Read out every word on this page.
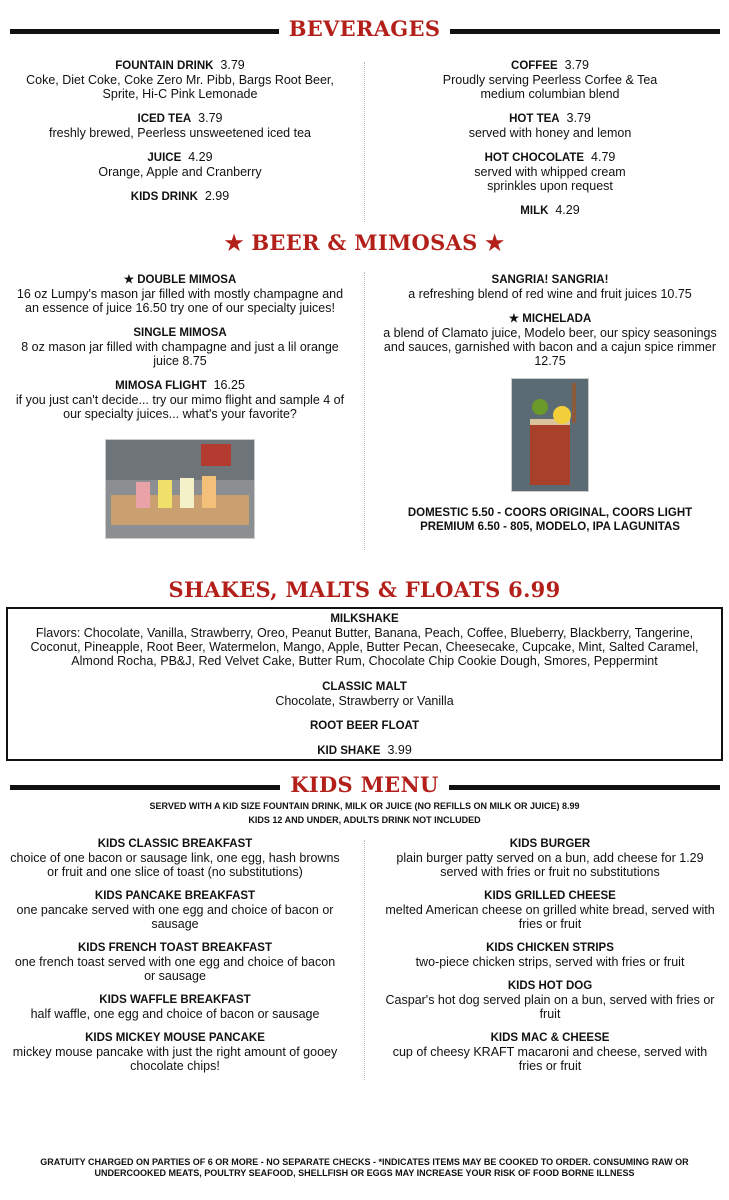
BEVERAGES
FOUNTAIN DRINK 3.79
Coke, Diet Coke, Coke Zero Mr. Pibb, Bargs Root Beer, Sprite, Hi-C Pink Lemonade
ICED TEA 3.79
freshly brewed, Peerless unsweetened iced tea
JUICE 4.29
Orange, Apple and Cranberry
KIDS DRINK 2.99
COFFEE 3.79
Proudly serving Peerless Corfee & Tea medium columbian blend
HOT TEA 3.79
served with honey and lemon
HOT CHOCOLATE 4.79
served with whipped cream sprinkles upon request
MILK 4.29
★ BEER & MIMOSAS ★
★ DOUBLE MIMOSA
16 oz Lumpy's mason jar filled with mostly champagne and an essence of juice 16.50 try one of our specialty juices!
SINGLE MIMOSA
8 oz mason jar filled with champagne and just a lil orange juice 8.75
MIMOSA FLIGHT 16.25
if you just can't decide... try our mimo flight and sample 4 of our specialty juices... what's your favorite?
SANGRIA! SANGRIA!
a refreshing blend of red wine and fruit juices 10.75
★ MICHELADA
a blend of Clamato juice, Modelo beer, our spicy seasonings and sauces, garnished with bacon and a cajun spice rimmer 12.75
DOMESTIC 5.50 - COORS ORIGINAL, COORS LIGHT
PREMIUM 6.50 - 805, MODELO, IPA LAGUNITAS
SHAKES, MALTS & FLOATS 6.99
MILKSHAKE
Flavors: Chocolate, Vanilla, Strawberry, Oreo, Peanut Butter, Banana, Peach, Coffee, Blueberry, Blackberry, Tangerine, Coconut, Pineapple, Root Beer, Watermelon, Mango, Apple, Butter Pecan, Cheesecake, Cupcake, Mint, Salted Caramel, Almond Rocha, PB&J, Red Velvet Cake, Butter Rum, Chocolate Chip Cookie Dough, Smores, Peppermint
CLASSIC MALT
Chocolate, Strawberry or Vanilla
ROOT BEER FLOAT
KID SHAKE 3.99
KIDS MENU
SERVED WITH A KID SIZE FOUNTAIN DRINK, MILK OR JUICE (NO REFILLS ON MILK OR JUICE) 8.99
KIDS 12 AND UNDER, ADULTS DRINK NOT INCLUDED
KIDS CLASSIC BREAKFAST
choice of one bacon or sausage link, one egg, hash browns or fruit and one slice of toast (no substitutions)
KIDS PANCAKE BREAKFAST
one pancake served with one egg and choice of bacon or sausage
KIDS FRENCH TOAST BREAKFAST
one french toast served with one egg and choice of bacon or sausage
KIDS WAFFLE BREAKFAST
half waffle, one egg and choice of bacon or sausage
KIDS MICKEY MOUSE PANCAKE
mickey mouse pancake with just the right amount of gooey chocolate chips!
KIDS BURGER
plain burger patty served on a bun, add cheese for 1.29 served with fries or fruit no substitutions
KIDS GRILLED CHEESE
melted American cheese on grilled white bread, served with fries or fruit
KIDS CHICKEN STRIPS
two-piece chicken strips, served with fries or fruit
KIDS HOT DOG
Caspar's hot dog served plain on a bun, served with fries or fruit
KIDS MAC & CHEESE
cup of cheesy KRAFT macaroni and cheese, served with fries or fruit
GRATUITY CHARGED ON PARTIES OF 6 OR MORE - NO SEPARATE CHECKS - *INDICATES ITEMS MAY BE COOKED TO ORDER. CONSUMING RAW OR UNDERCOOKED MEATS, POULTRY SEAFOOD, SHELLFISH OR EGGS MAY INCREASE YOUR RISK OF FOOD BORNE ILLNESS
